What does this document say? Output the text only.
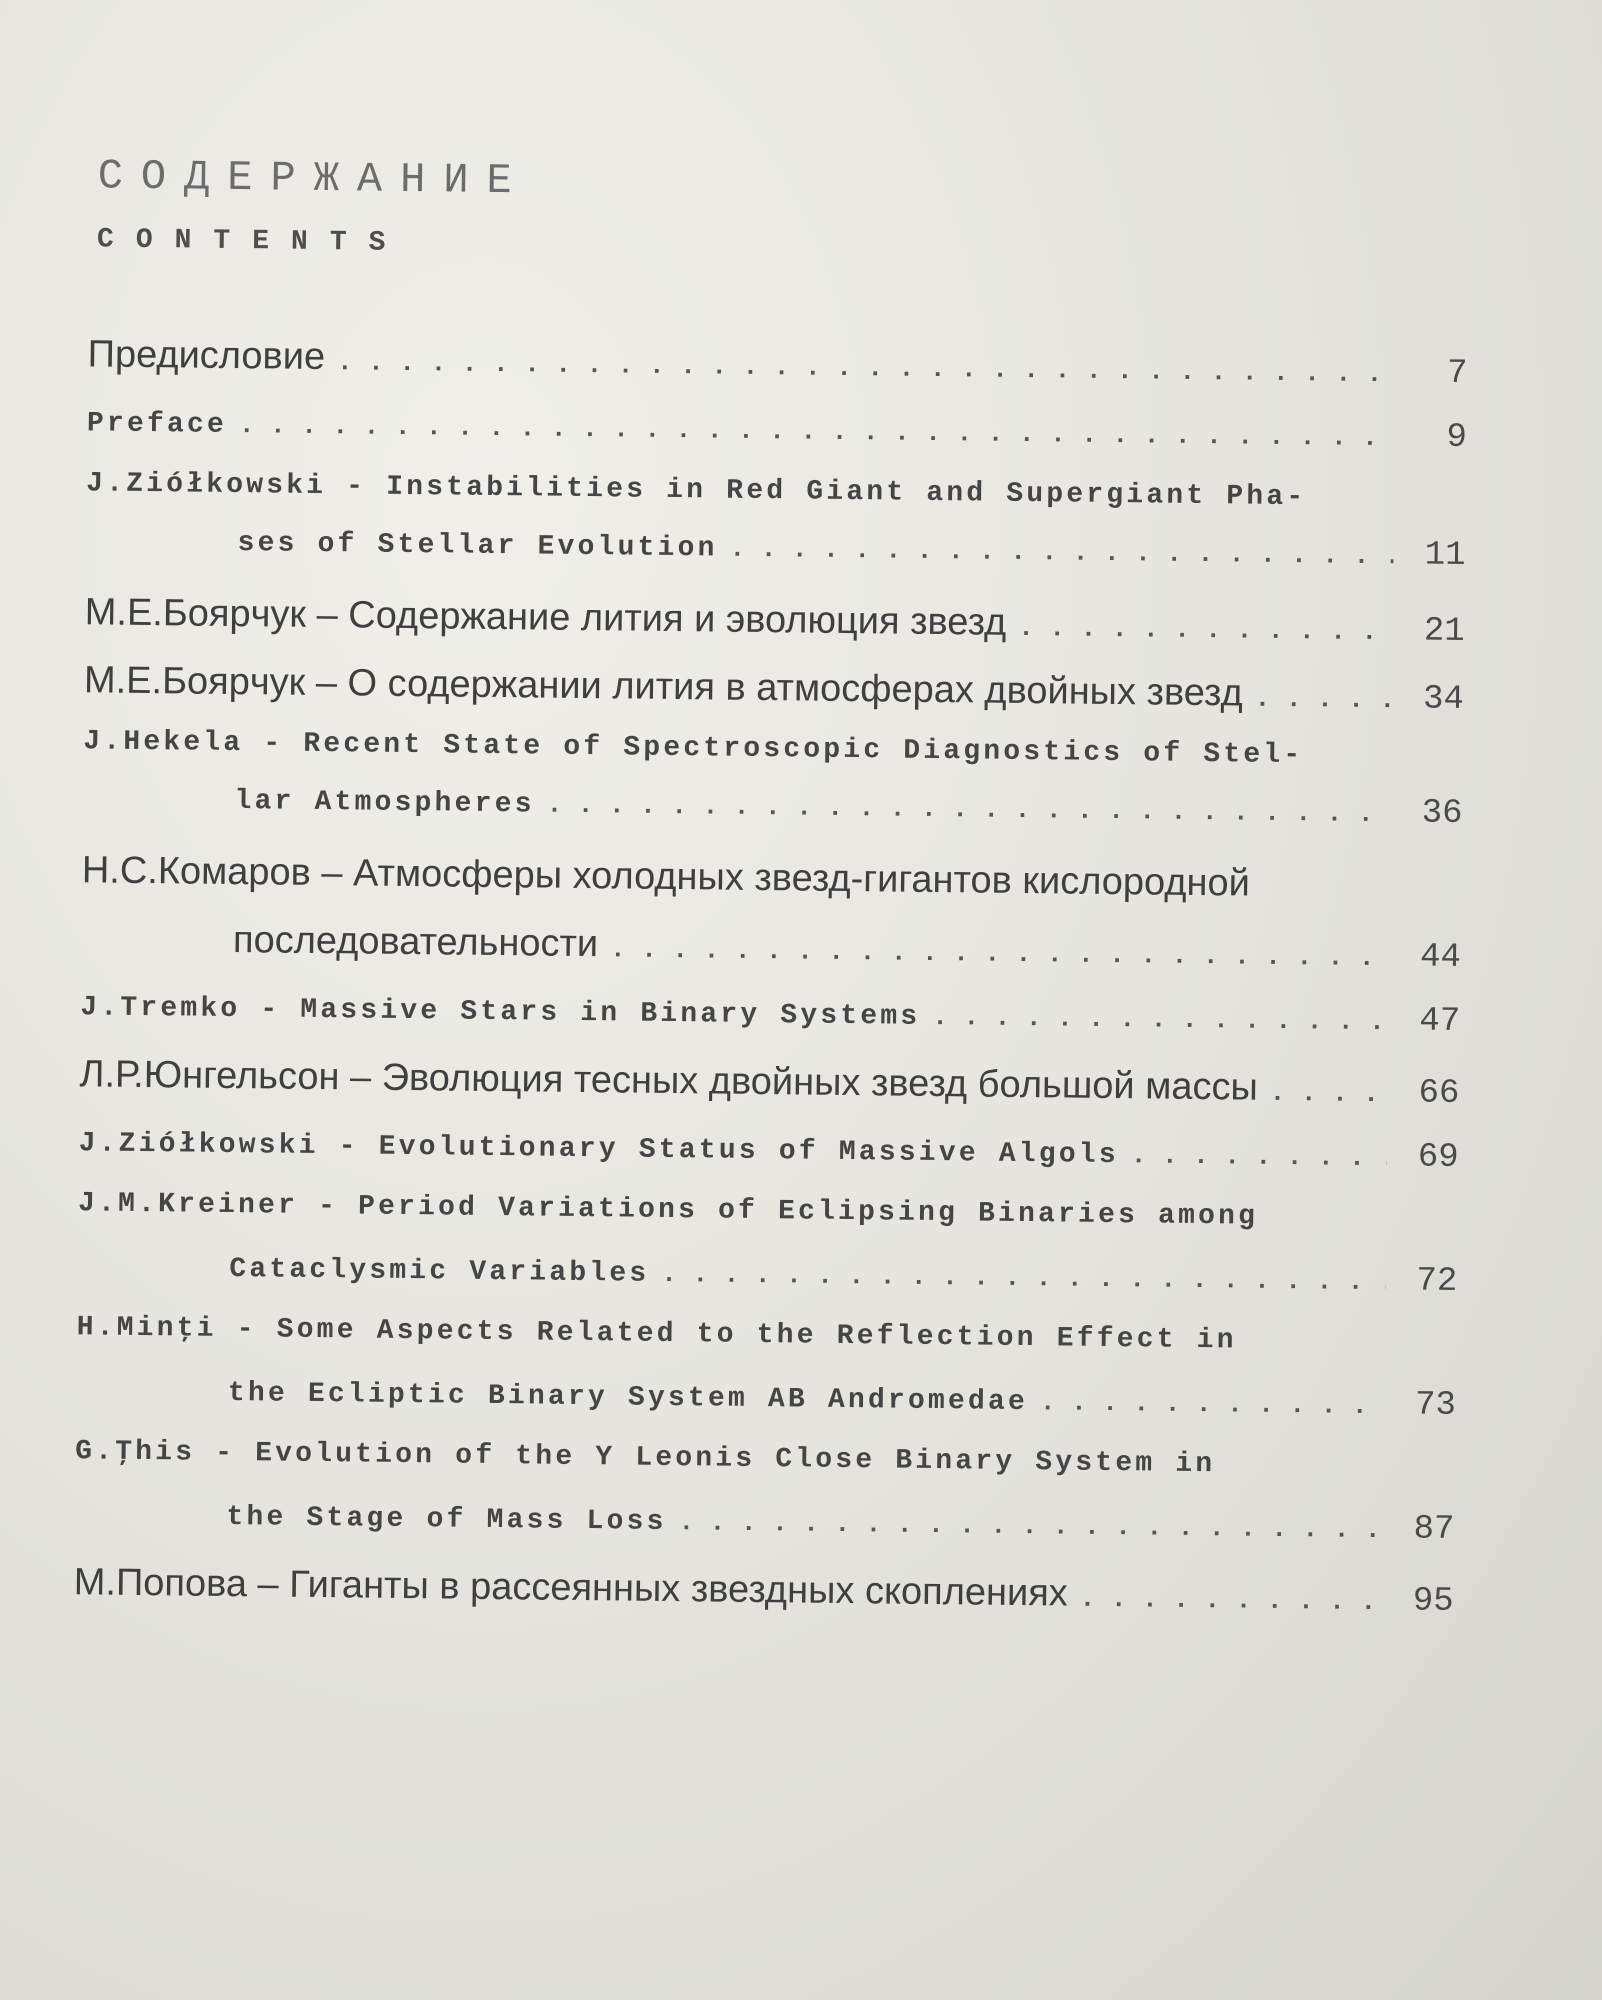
СОДЕРЖАНИЕ
CONTENTS
Предисловие . . .	7
Preface . . .	9
J.Ziółkowski - Instabilities in Red Giant and Supergiant Pha-
ses of Stellar Evolution . . .	11
М.Е.Бояpчук – Содержание лития и эволюция звезд . . .	21
М.Е.Бояpчук – О содержании лития в атмосферах двойных звезд . . .	34
J.Hekela - Recent State of Spectroscopic Diagnostics of Stel-
lar Atmospheres . . .	36
Н.С.Комаров – Атмосферы холодных звезд-гигантов кислородной
последовательности . . .	44
J.Tremko - Massive Stars in Binary Systems . . .	47
Л.Р.Юнгельсон – Эволюция тесных двойных звезд большой массы . . .	66
J.Ziółkowski - Evolutionary Status of Massive Algols . . .	69
J.M.Kreiner - Period Variations of Eclipsing Binaries among
Cataclysmic Variables . . .	72
H.Minţi - Some Aspects Related to the Reflection Effect in
the Ecliptic Binary System AB Andromedae . . .	73
G.Ţhis - Evolution of the Y Leonis Close Binary System in
the Stage of Mass Loss . . .	87
М.Попова – Гиганты в рассеянных звездных скоплениях . . .	95
